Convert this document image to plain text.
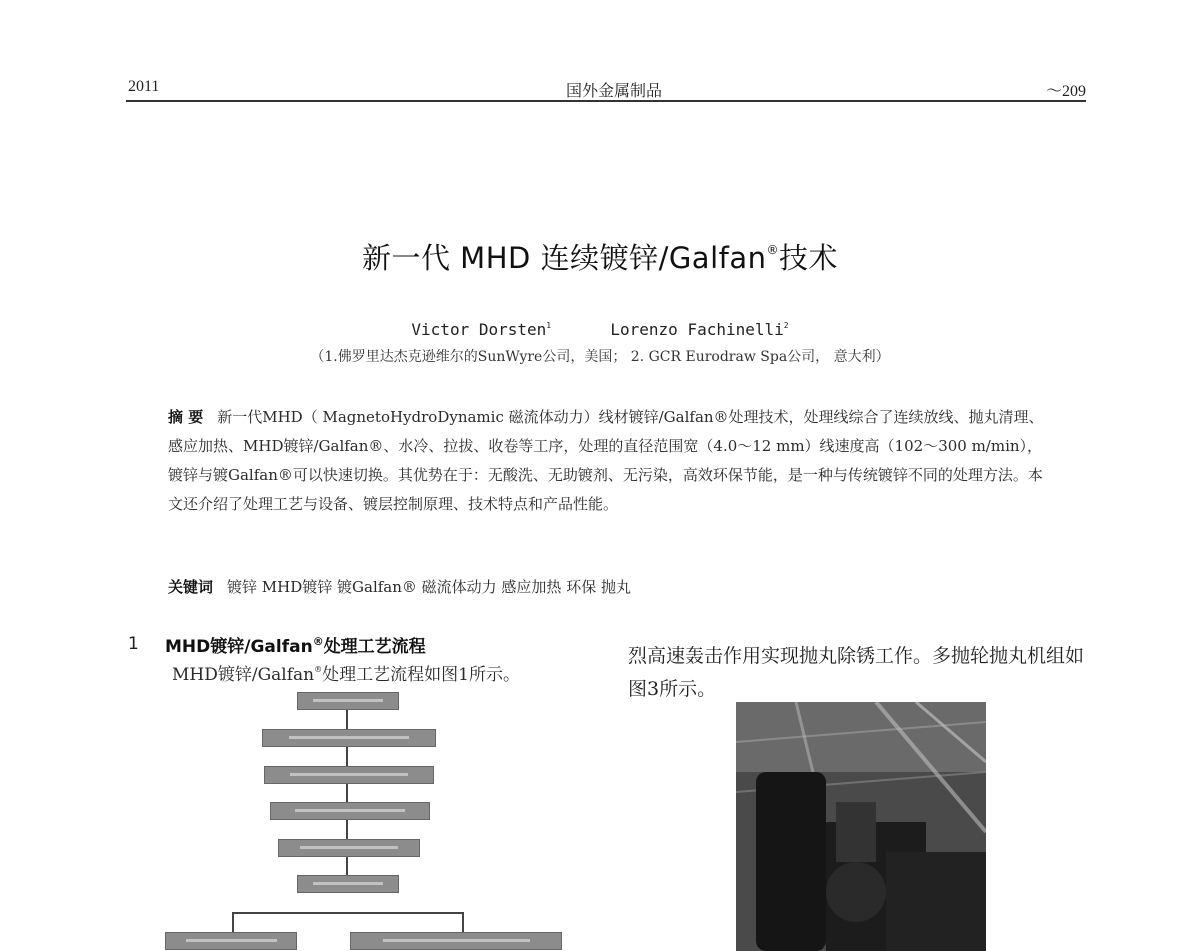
2011	国外金属制品	～209
新一代 MHD 连续镀锌/Galfan®技术
Victor Dorsten$^1$	Lorenzo Fachinelli$^2$
（1.佛罗里达杰克逊维尔的SunWyre公司，美国； 2. GCR Eurodraw Spa公司， 意大利）
摘 要 新一代MHD（ MagnetoHydroDynamic 磁流体动力）线材镀锌/Galfan®处理技术，处理线综合了连续放线、抛丸清理、感应加热、MHD镀锌/Galfan®、水冷、拉拔、收卷等工序，处理的直径范围宽（4.0～12 mm）线速度高（102～300 m/min），镀锌与镀Galfan®可以快速切换。其优势在于：无酸洗、无助镀剂、无污染，高效环保节能，是一种与传统镀锌不同的处理方法。本文还介绍了处理工艺与设备、镀层控制原理、技术特点和产品性能。
关键词 镀锌 MHD镀锌 镀Galfan® 磁流体动力 感应加热 环保 抛丸
1 MHD镀锌/Galfan®处理工艺流程
MHD镀锌/Galfan®处理工艺流程如图1所示。
烈高速轰击作用实现抛丸除锈工作。多抛轮抛丸机组如图3所示。
